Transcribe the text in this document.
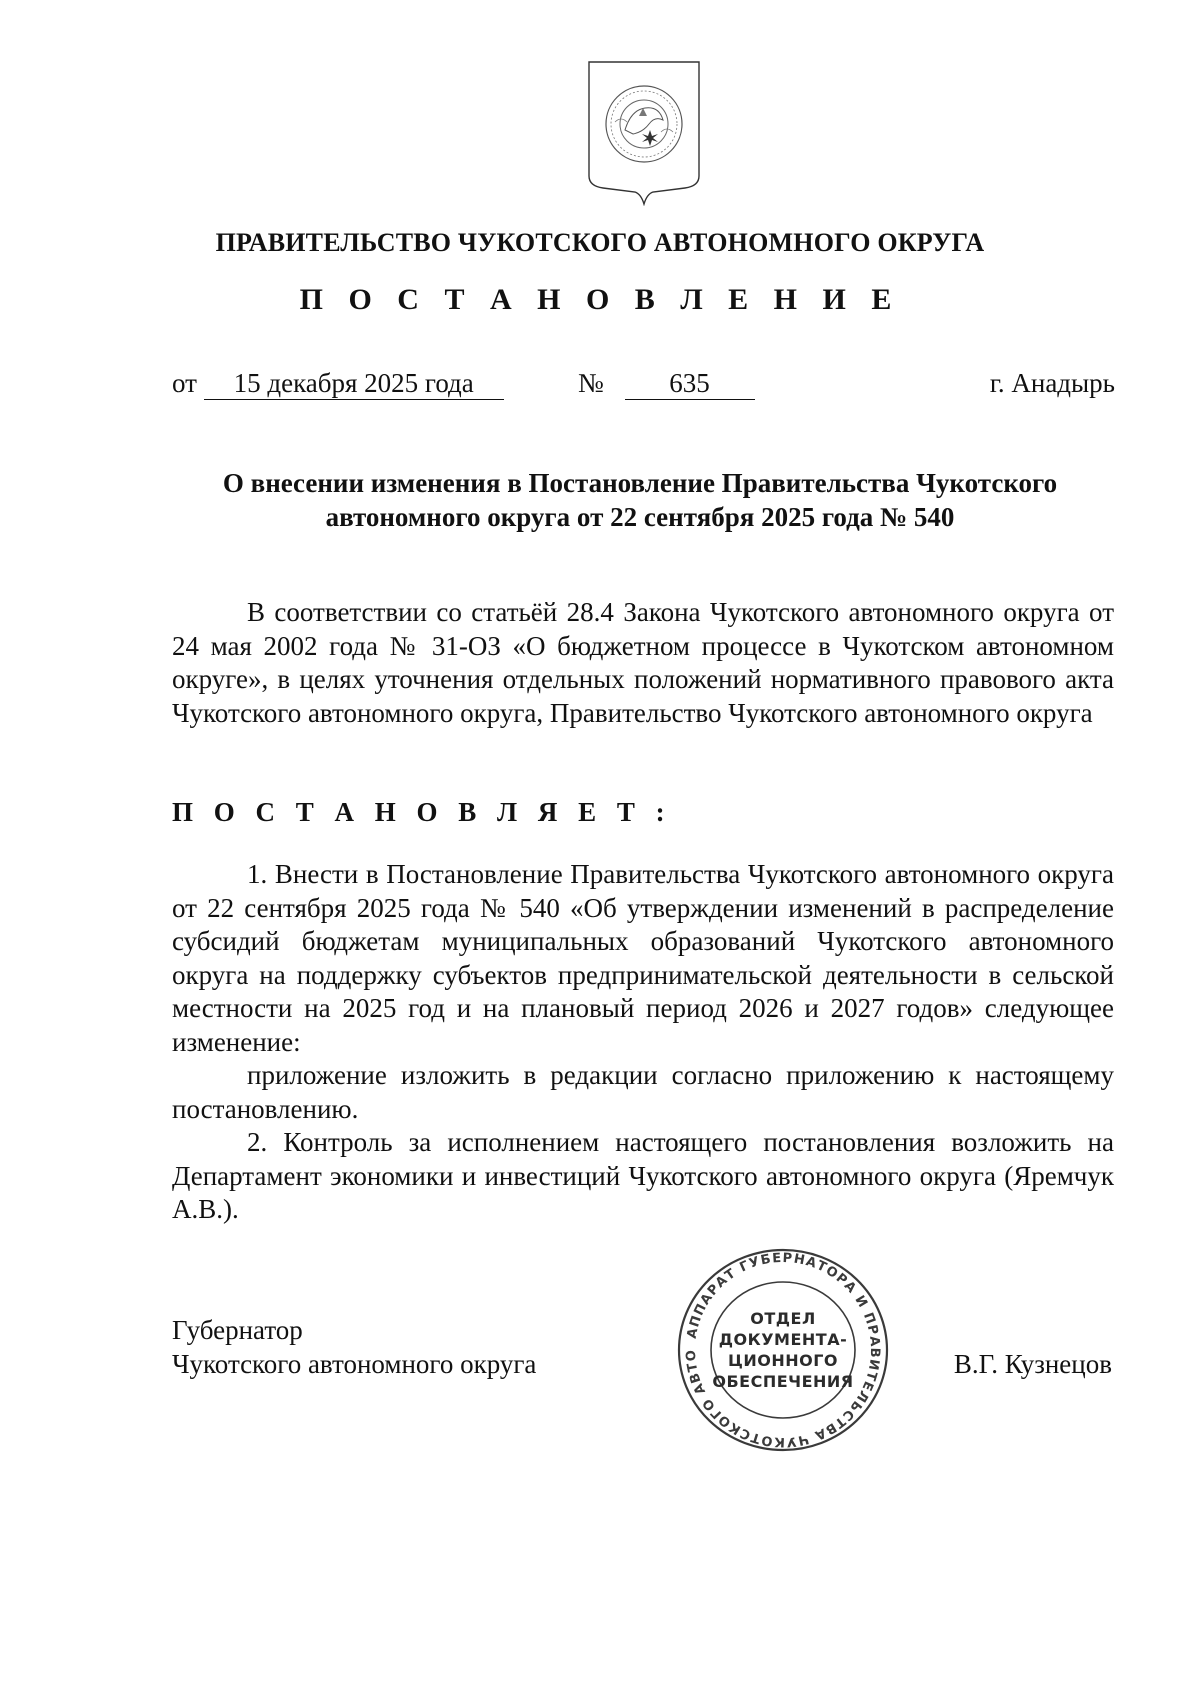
ПРАВИТЕЛЬСТВО ЧУКОТСКОГО АВТОНОМНОГО ОКРУГА
П О С Т А Н О В Л Е Н И Е
от 15 декабря 2025 года	№ 635	г. Анадырь
О внесении изменения в Постановление Правительства Чукотского
автономного округа от 22 сентября 2025 года № 540

В соответствии со статьёй 28.4 Закона Чукотского автономного округа от 24 мая 2002 года № 31-ОЗ «О бюджетном процессе в Чукотском автономном округе», в целях уточнения отдельных положений нормативного правового акта Чукотского автономного округа, Правительство Чукотского автономного округа

П О С Т А Н О В Л Я Е Т :

1. Внести в Постановление Правительства Чукотского автономного округа от 22 сентября 2025 года № 540 «Об утверждении изменений в распределение субсидий бюджетам муниципальных образований Чукотского автономного округа на поддержку субъектов предпринимательской деятельности в сельской местности на 2025 год и на плановый период 2026 и 2027 годов» следующее изменение:

приложение изложить в редакции согласно приложению к настоящему постановлению.

2. Контроль за исполнением настоящего постановления возложить на Департамент экономики и инвестиций Чукотского автономного округа (Яремчук А.В.).

Губернатор
Чукотского автономного округа	В.Г. Кузнецов
АППАРАТ ГУБЕРНАТОРА И ПРАВИТЕЛЬСТВА ЧУКОТСКОГО АВТО
ОТДЕЛ
ДОКУМЕНТА-
ЦИОННОГО
ОБЕСПЕЧЕНИЯ
